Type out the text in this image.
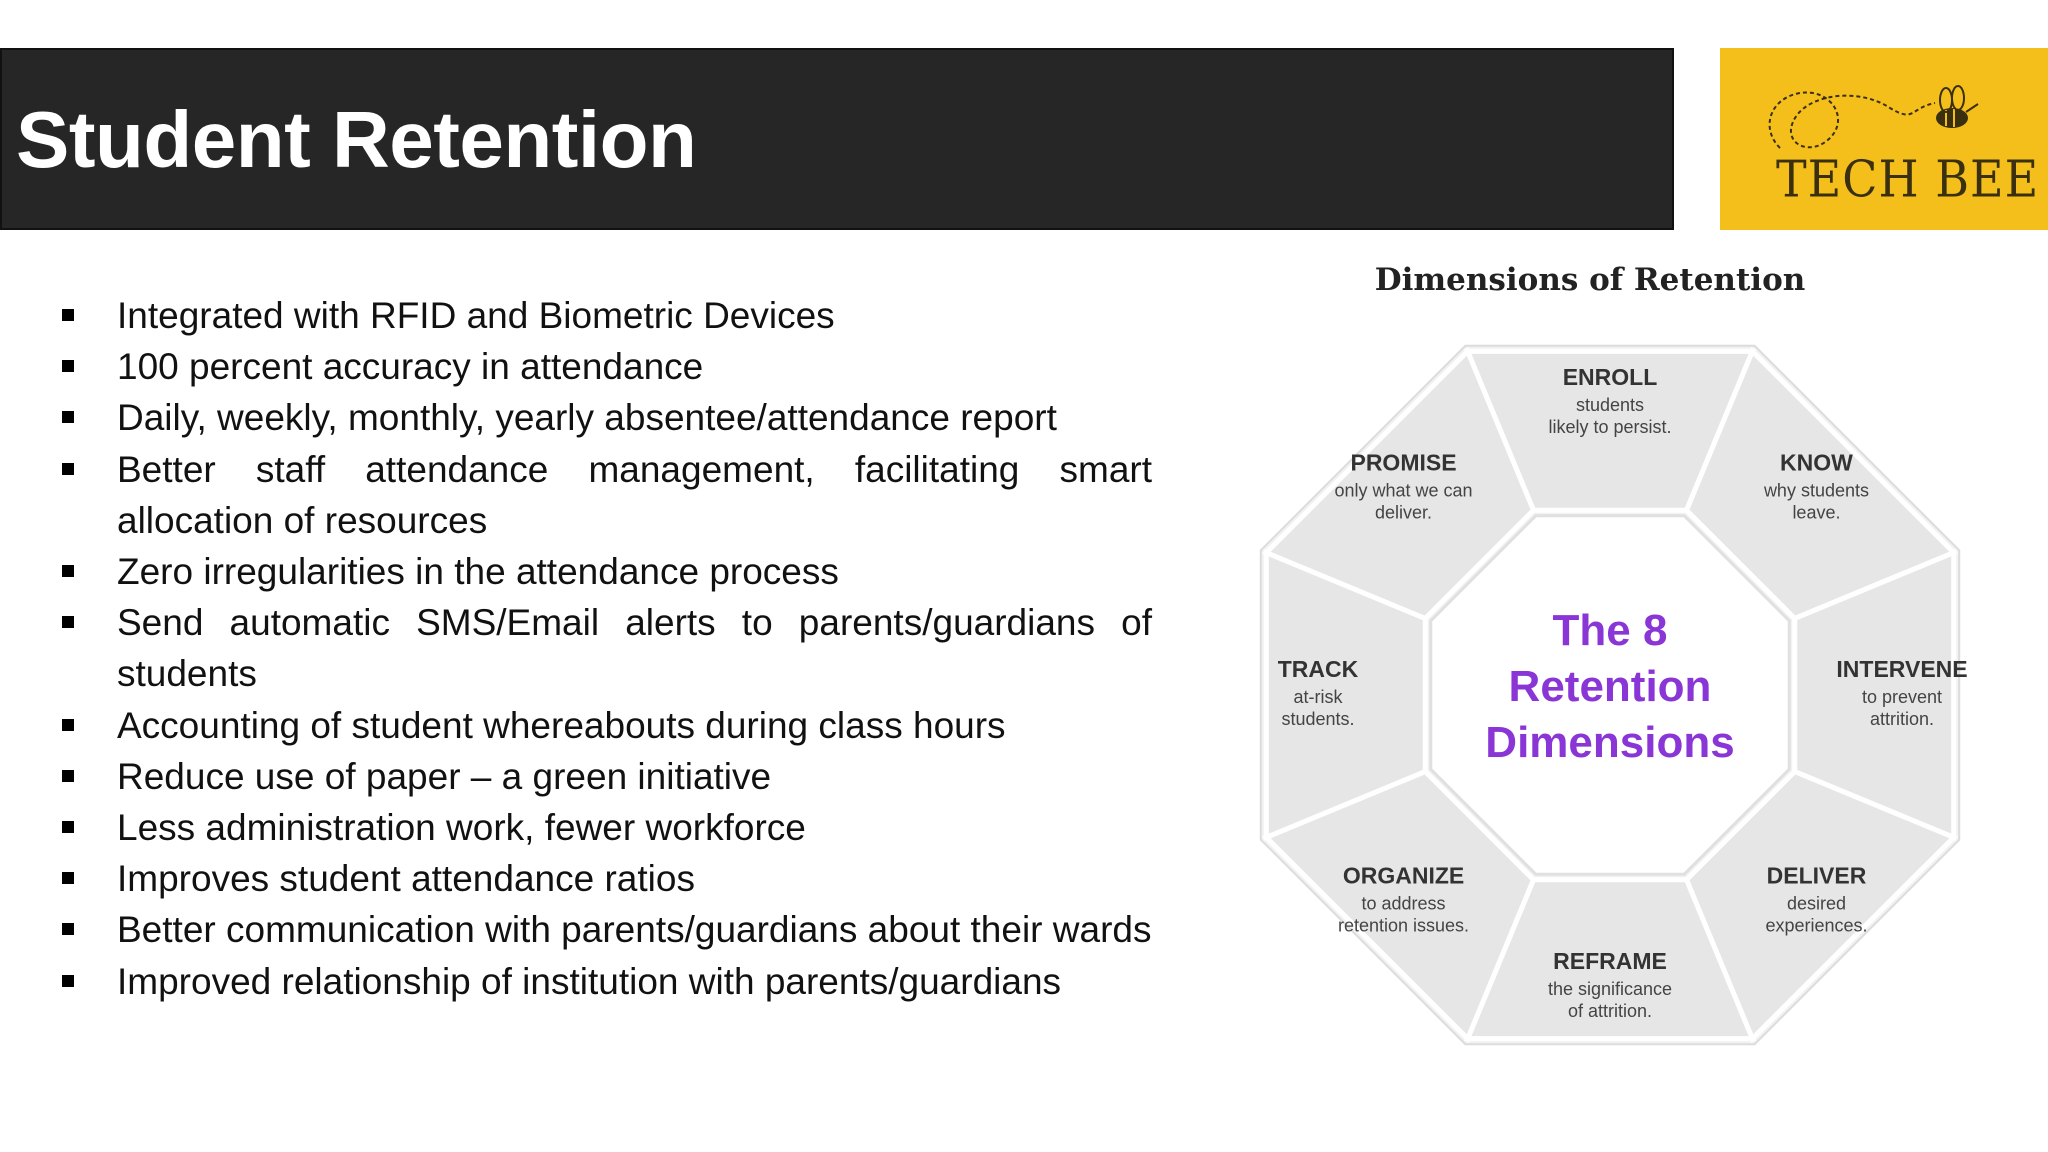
Student Retention	TECH BEE
Integrated with RFID and Biometric Devices
100 percent accuracy in attendance
Daily, weekly, monthly, yearly absentee/attendance report
Better staff attendance management, facilitating smart allocation of resources
Zero irregularities in the attendance process
Send automatic SMS/Email alerts to parents/guardians of students
Accounting of student whereabouts during class hours
Reduce use of paper – a green initiative
Less administration work, fewer workforce
Improves student attendance ratios
Better communication with parents/guardians about their wards
Improved relationship of institution with parents/guardians
Dimensions of Retention
ENROLL
students
likely to persist.
KNOW
why students
leave.
INTERVENE
to prevent
attrition.
DELIVER
desired
experiences.
REFRAME
the significance
of attrition.
ORGANIZE
to address
retention issues.
TRACK
at-risk
students.
PROMISE
only what we can
deliver.
The 8
Retention
Dimensions
